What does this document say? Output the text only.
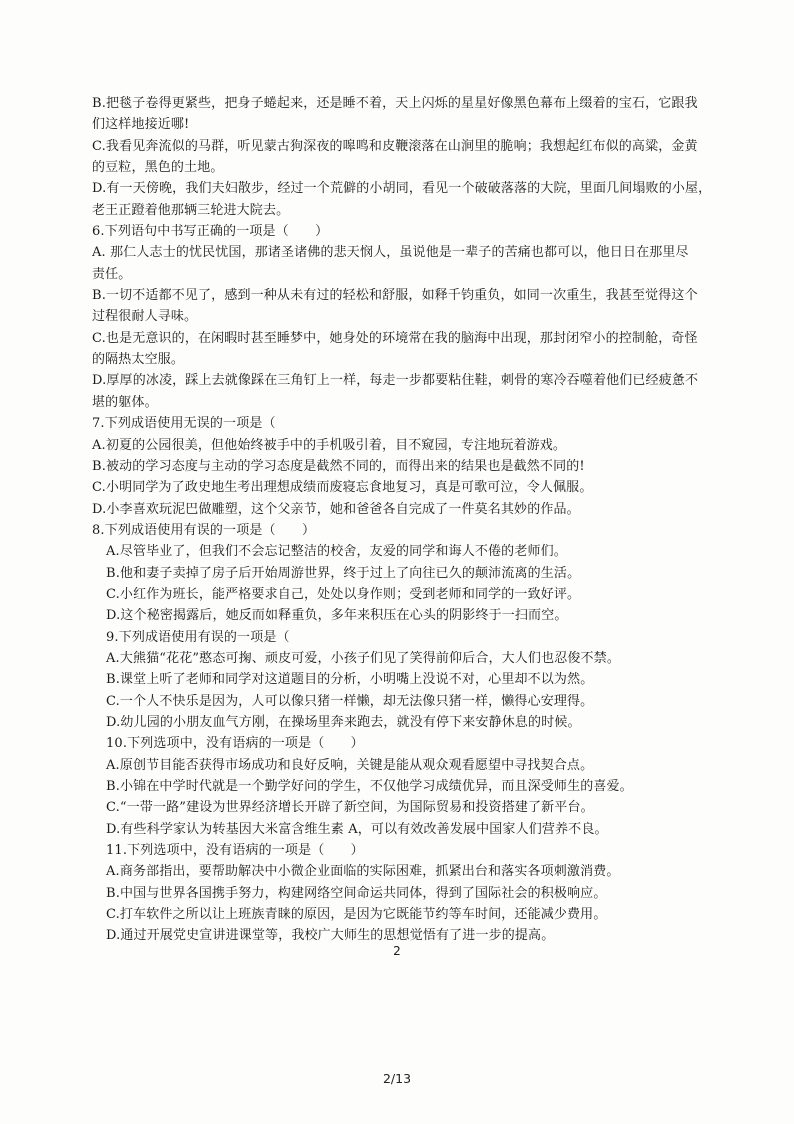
B.把毯子卷得更紧些，把身子蜷起来，还是睡不着，天上闪烁的星星好像黑色幕布上缀着的宝石，它跟我
们这样地接近哪!
C.我看见奔流似的马群，听见蒙古狗深夜的嗥鸣和皮鞭滚落在山涧里的脆响；我想起红布似的高粱，金黄
的豆粒，黑色的土地。
D.有一天傍晚，我们夫妇散步，经过一个荒僻的小胡同，看见一个破破落落的大院，里面几间塌败的小屋，
老王正蹬着他那辆三轮进大院去。
6.下列语句中书写正确的一项是（　　）
A. 那仁人志士的忧民忧国，那诸圣诸佛的悲天悯人，虽说他是一辈子的苦痛也都可以，他日日在那里尽
责任。
B.一切不适都不见了，感到一种从未有过的轻松和舒服，如释千钧重负，如同一次重生，我甚至觉得这个
过程很耐人寻味。
C.也是无意识的，在闲暇时甚至睡梦中，她身处的环境常在我的脑海中出现，那封闭窄小的控制舱，奇怪
的隔热太空服。
D.厚厚的冰凌，踩上去就像踩在三角钉上一样，每走一步都要粘住鞋，刺骨的寒冷吞噬着他们已经疲惫不
堪的躯体。
7.下列成语使用无误的一项是（
A.初夏的公园很美，但他始终被手中的手机吸引着，目不窥园，专注地玩着游戏。
B.被动的学习态度与主动的学习态度是截然不同的，而得出来的结果也是截然不同的!
C.小明同学为了政史地生考出理想成绩而废寝忘食地复习，真是可歌可泣，令人佩服。
D.小李喜欢玩泥巴做雕塑，这个父亲节，她和爸爸各自完成了一件莫名其妙的作品。
8.下列成语使用有误的一项是（　　）
A.尽管毕业了，但我们不会忘记整洁的校舍，友爱的同学和诲人不倦的老师们。
B.他和妻子卖掉了房子后开始周游世界，终于过上了向往已久的颠沛流离的生活。
C.小红作为班长，能严格要求自己，处处以身作则；受到老师和同学的一致好评。
D.这个秘密揭露后，她反而如释重负，多年来积压在心头的阴影终于一扫而空。
9.下列成语使用有误的一项是（
A.大熊猫“花花”憨态可掬、顽皮可爱，小孩子们见了笑得前仰后合，大人们也忍俊不禁。
B.课堂上听了老师和同学对这道题目的分析，小明嘴上没说不对，心里却不以为然。
C.一个人不快乐是因为，人可以像只猪一样懒，却无法像只猪一样，懒得心安理得。
D.幼儿园的小朋友血气方刚，在操场里奔来跑去，就没有停下来安静休息的时候。
10.下列选项中，没有语病的一项是（　　）
A.原创节目能否获得市场成功和良好反响，关键是能从观众观看愿望中寻找契合点。
B.小锦在中学时代就是一个勤学好问的学生，不仅他学习成绩优异，而且深受师生的喜爱。
C.“一带一路”建设为世界经济增长开辟了新空间，为国际贸易和投资搭建了新平台。
D.有些科学家认为转基因大米富含维生素 A，可以有效改善发展中国家人们营养不良。
11.下列选项中，没有语病的一项是（　　）
A.商务部指出，要帮助解决中小微企业面临的实际困难，抓紧出台和落实各项刺激消费。
B.中国与世界各国携手努力，构建网络空间命运共同体，得到了国际社会的积极响应。
C.打车软件之所以让上班族青睐的原因，是因为它既能节约等车时间，还能减少费用。
D.通过开展党史宣讲进课堂等，我校广大师生的思想觉悟有了进一步的提高。
2
2/13
